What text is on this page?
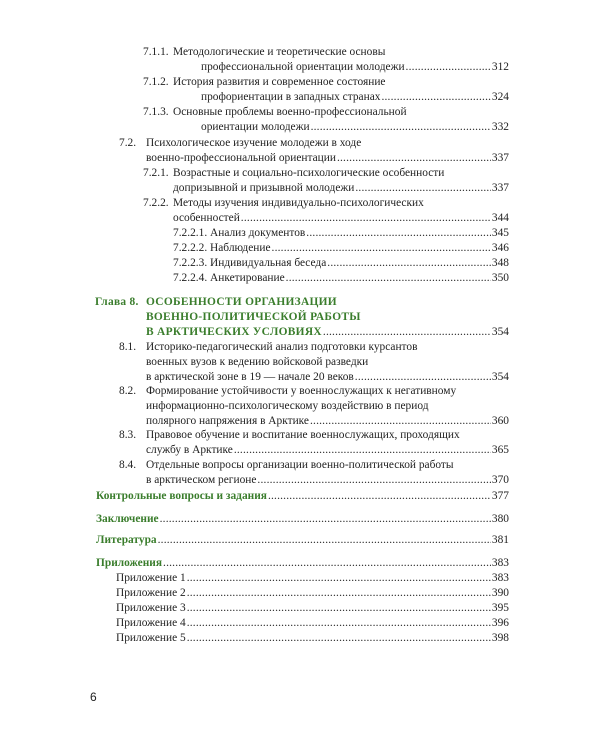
7.1.1. Методологические и теоретические основы
профессиональной ориентации молодежи .....	312
7.1.2. История развития и современное состояние
профориентации в западных странах .....	324
7.1.3. Основные проблемы военно-профессиональной
ориентации молодежи .....	332
7.2. Психологическое изучение молодежи в ходе
военно-профессиональной ориентации .....	337
7.2.1. Возрастные и социально-психологические особенности
допризывной и призывной молодежи .....	337
7.2.2. Методы изучения индивидуально-психологических
особенностей .....	344
7.2.2.1. Анализ документов .....	345
7.2.2.2. Наблюдение .....	346
7.2.2.3. Индивидуальная беседа .....	348
7.2.2.4. Анкетирование .....	350
Глава 8. ОСОБЕННОСТИ ОРГАНИЗАЦИИ
ВОЕННО-ПОЛИТИЧЕСКОЙ РАБОТЫ
В АРКТИЧЕСКИХ УСЛОВИЯХ .....	354
8.1. Историко-педагогический анализ подготовки курсантов
военных вузов к ведению войсковой разведки
в арктической зоне в 19 — начале 20 веков .....	354
8.2. Формирование устойчивости у военнослужащих к негативному
информационно-психологическому воздействию в период
полярного напряжения в Арктике .....	360
8.3. Правовое обучение и воспитание военнослужащих, проходящих
службу в Арктике .....	365
8.4. Отдельные вопросы организации военно-политической работы
в арктическом регионе .....	370
Контрольные вопросы и задания .....	377
Заключение .....	380
Литература .....	381
Приложения .....	383
Приложение 1 .....	383
Приложение 2 .....	390
Приложение 3 .....	395
Приложение 4 .....	396
Приложение 5 .....	398
6
